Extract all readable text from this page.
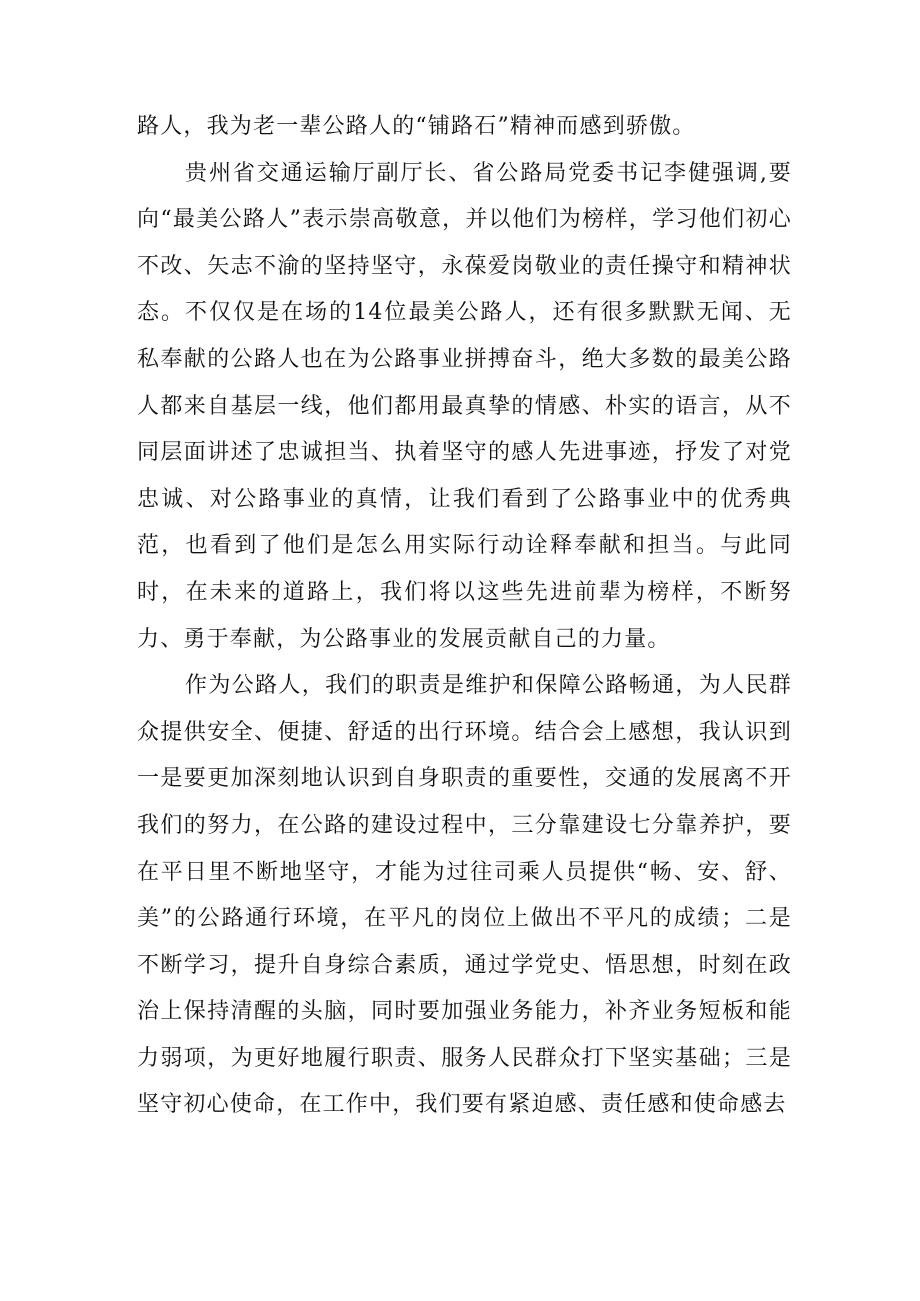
路人，我为老一辈公路人的“铺路石”精神而感到骄傲。

贵州省交通运输厅副厅长、省公路局党委书记李健强调,要向“最美公路人”表示崇高敬意，并以他们为榜样，学习他们初心不改、矢志不渝的坚持坚守，永葆爱岗敬业的责任操守和精神状态。不仅仅是在场的14位最美公路人，还有很多默默无闻、无私奉献的公路人也在为公路事业拼搏奋斗，绝大多数的最美公路人都来自基层一线，他们都用最真挚的情感、朴实的语言，从不同层面讲述了忠诚担当、执着坚守的感人先进事迹，抒发了对党忠诚、对公路事业的真情，让我们看到了公路事业中的优秀典范，也看到了他们是怎么用实际行动诠释奉献和担当。与此同时，在未来的道路上，我们将以这些先进前辈为榜样，不断努力、勇于奉献，为公路事业的发展贡献自己的力量。

作为公路人，我们的职责是维护和保障公路畅通，为人民群众提供安全、便捷、舒适的出行环境。结合会上感想，我认识到一是要更加深刻地认识到自身职责的重要性，交通的发展离不开我们的努力，在公路的建设过程中，三分靠建设七分靠养护，要在平日里不断地坚守，才能为过往司乘人员提供“畅、安、舒、美”的公路通行环境，在平凡的岗位上做出不平凡的成绩；二是不断学习，提升自身综合素质，通过学党史、悟思想，时刻在政治上保持清醒的头脑，同时要加强业务能力，补齐业务短板和能力弱项，为更好地履行职责、服务人民群众打下坚实基础；三是坚守初心使命，在工作中，我们要有紧迫感、责任感和使命感去
